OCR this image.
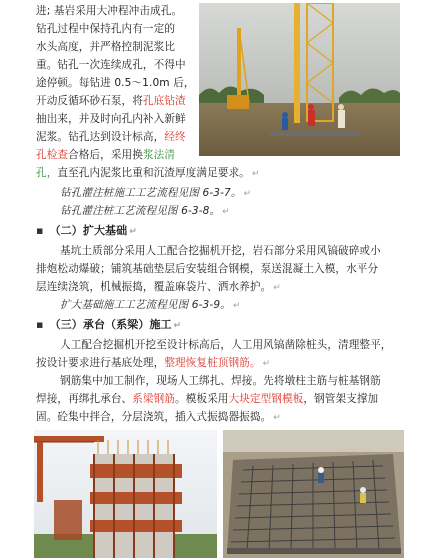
进; 基岩采用大冲程冲击成孔。
钻孔过程中保持孔内有一定的
水头高度，并严格控制泥浆比
重。钻孔一次连续成孔，不得中
途停顿。每钻进 0.5～1.0m 后，
开动反循环砂石泵，将孔底钻渣
抽出来，并及时向孔内补入新鲜
泥浆。钻孔达到设计标高，经终
孔检查合格后，采用换浆法清
孔，直至孔内泥浆比重和沉渣厚度满足要求。 ↵
钻孔灌注桩施工工艺流程见图 6-3-7。 ↵
钻孔灌注桩工艺流程见图 6-3-8。 ↵
▪ （二）扩大基础 ↵
基坑土质部分采用人工配合挖掘机开挖，岩石部分采用风镐破碎或小
排炮松动爆破；铺筑基础垫层后安装组合钢模，泵送混凝土入模，水平分
层连续浇筑，机械振捣，覆盖麻袋片、洒水养护。 ↵
扩大基础施工工艺流程见图 6-3-9。 ↵
▪ （三）承台（系梁）施工 ↵
人工配合挖掘机开挖至设计标高后，人工用风镐凿除桩头，清理整平，
按设计要求进行基底处理，整理恢复桩顶钢筋。 ↵
钢筋集中加工制作，现场人工绑扎、焊接。先将墩柱主筋与桩基钢筋
焊接，再绑扎承台、系梁钢筋。模板采用大块定型钢模板，钢管架支撑加
固。砼集中拌合，分层浇筑，插入式振捣器振捣。 ↵
